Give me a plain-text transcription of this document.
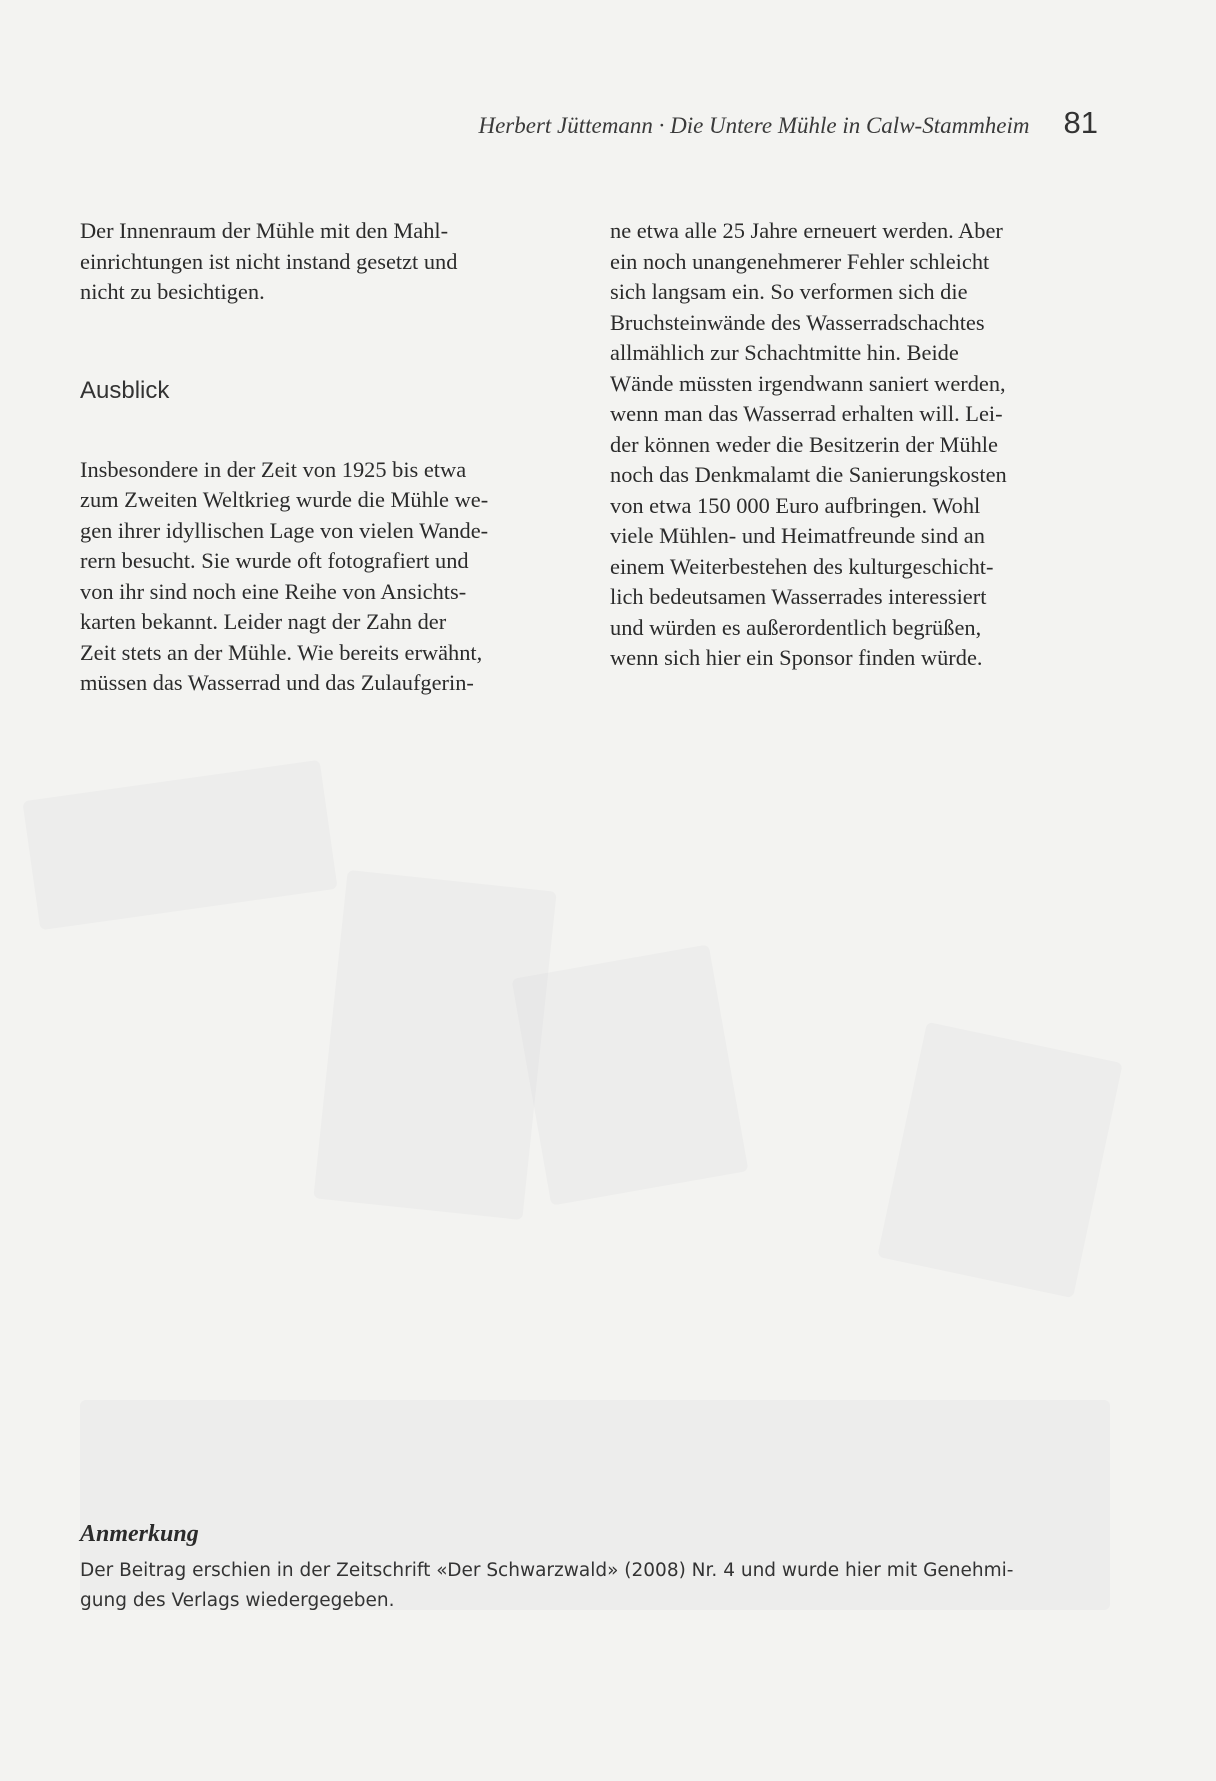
Herbert Jüttemann · Die Untere Mühle in Calw-Stammheim 81

Der Innenraum der Mühle mit den Mahl-

einrichtungen ist nicht instand gesetzt und

nicht zu besichtigen.

Ausblick

Insbesondere in der Zeit von 1925 bis etwa

zum Zweiten Weltkrieg wurde die Mühle we-

gen ihrer idyllischen Lage von vielen Wande-

rern besucht. Sie wurde oft fotografiert und

von ihr sind noch eine Reihe von Ansichts-

karten bekannt. Leider nagt der Zahn der

Zeit stets an der Mühle. Wie bereits erwähnt,

müssen das Wasserrad und das Zulaufgerin-

ne etwa alle 25 Jahre erneuert werden. Aber

ein noch unangenehmerer Fehler schleicht

sich langsam ein. So verformen sich die

Bruchsteinwände des Wasserradschachtes

allmählich zur Schachtmitte hin. Beide

Wände müssten irgendwann saniert werden,

wenn man das Wasserrad erhalten will. Lei-

der können weder die Besitzerin der Mühle

noch das Denkmalamt die Sanierungskosten

von etwa 150 000 Euro aufbringen. Wohl

viele Mühlen- und Heimatfreunde sind an

einem Weiterbestehen des kulturgeschicht-

lich bedeutsamen Wasserrades interessiert

und würden es außerordentlich begrüßen,

wenn sich hier ein Sponsor finden würde.

Anmerkung
Der Beitrag erschien in der Zeitschrift «Der Schwarzwald» (2008) Nr. 4 und wurde hier mit Genehmi-
gung des Verlags wiedergegeben.
